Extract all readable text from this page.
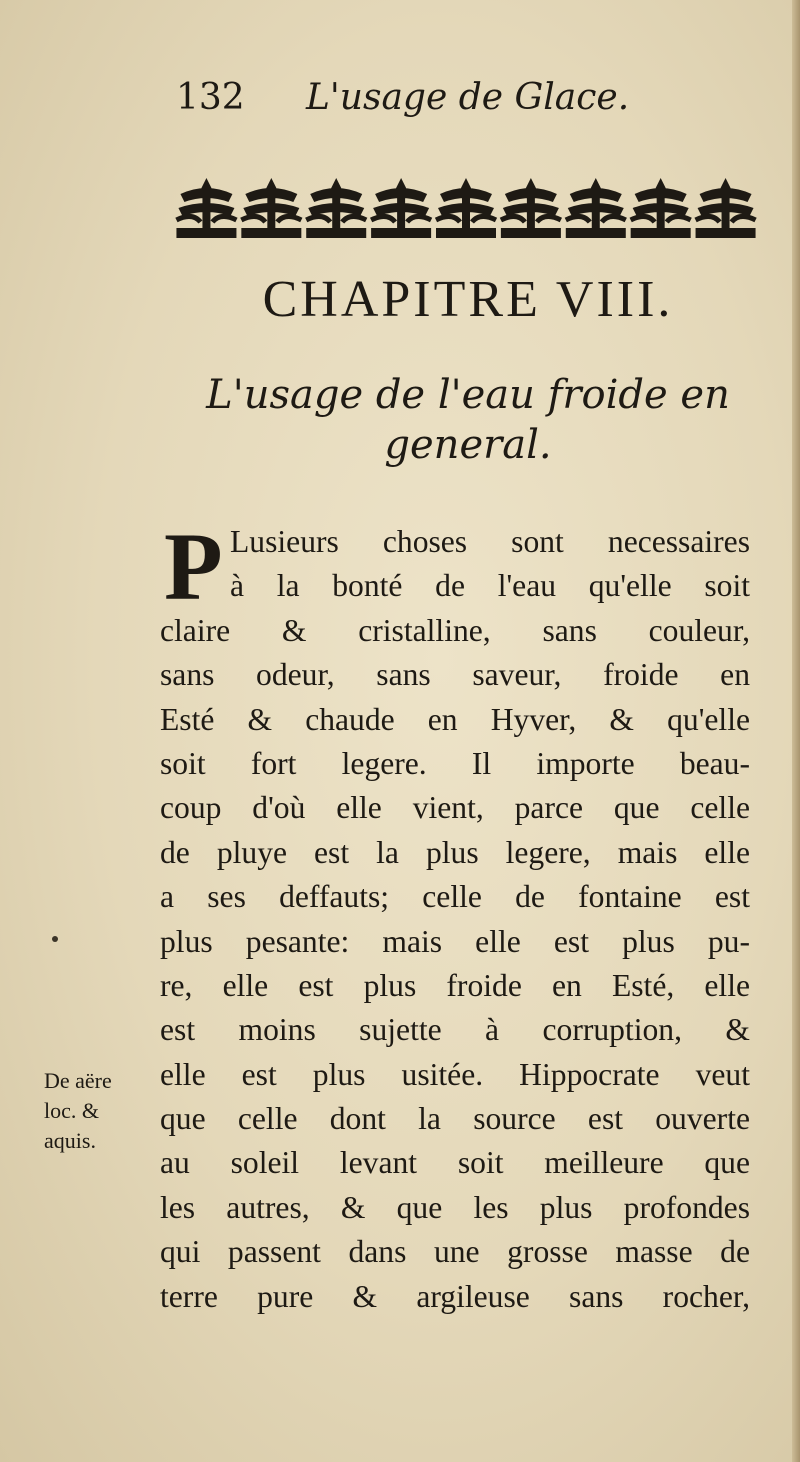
132 L'usage de Glace.
CHAPITRE VIII.
L'usage de l'eau froide en
general.
P Lusieurs choses sont necessaires
à la bonté de l'eau qu'elle soit
claire & cristalline, sans couleur,
sans odeur, sans saveur, froide en
Esté & chaude en Hyver, & qu'elle
soit fort legere. Il importe beau-
coup d'où elle vient, parce que celle
de pluye est la plus legere, mais elle
a ses deffauts; celle de fontaine est
plus pesante: mais elle est plus pu-
re, elle est plus froide en Esté, elle
est moins sujette à corruption, &
elle est plus usitée. Hippocrate veut
que celle dont la source est ouverte
au soleil levant soit meilleure que
les autres, & que les plus profondes
qui passent dans une grosse masse de
terre pure & argileuse sans rocher,
De aëre
loc. &
aquis.
